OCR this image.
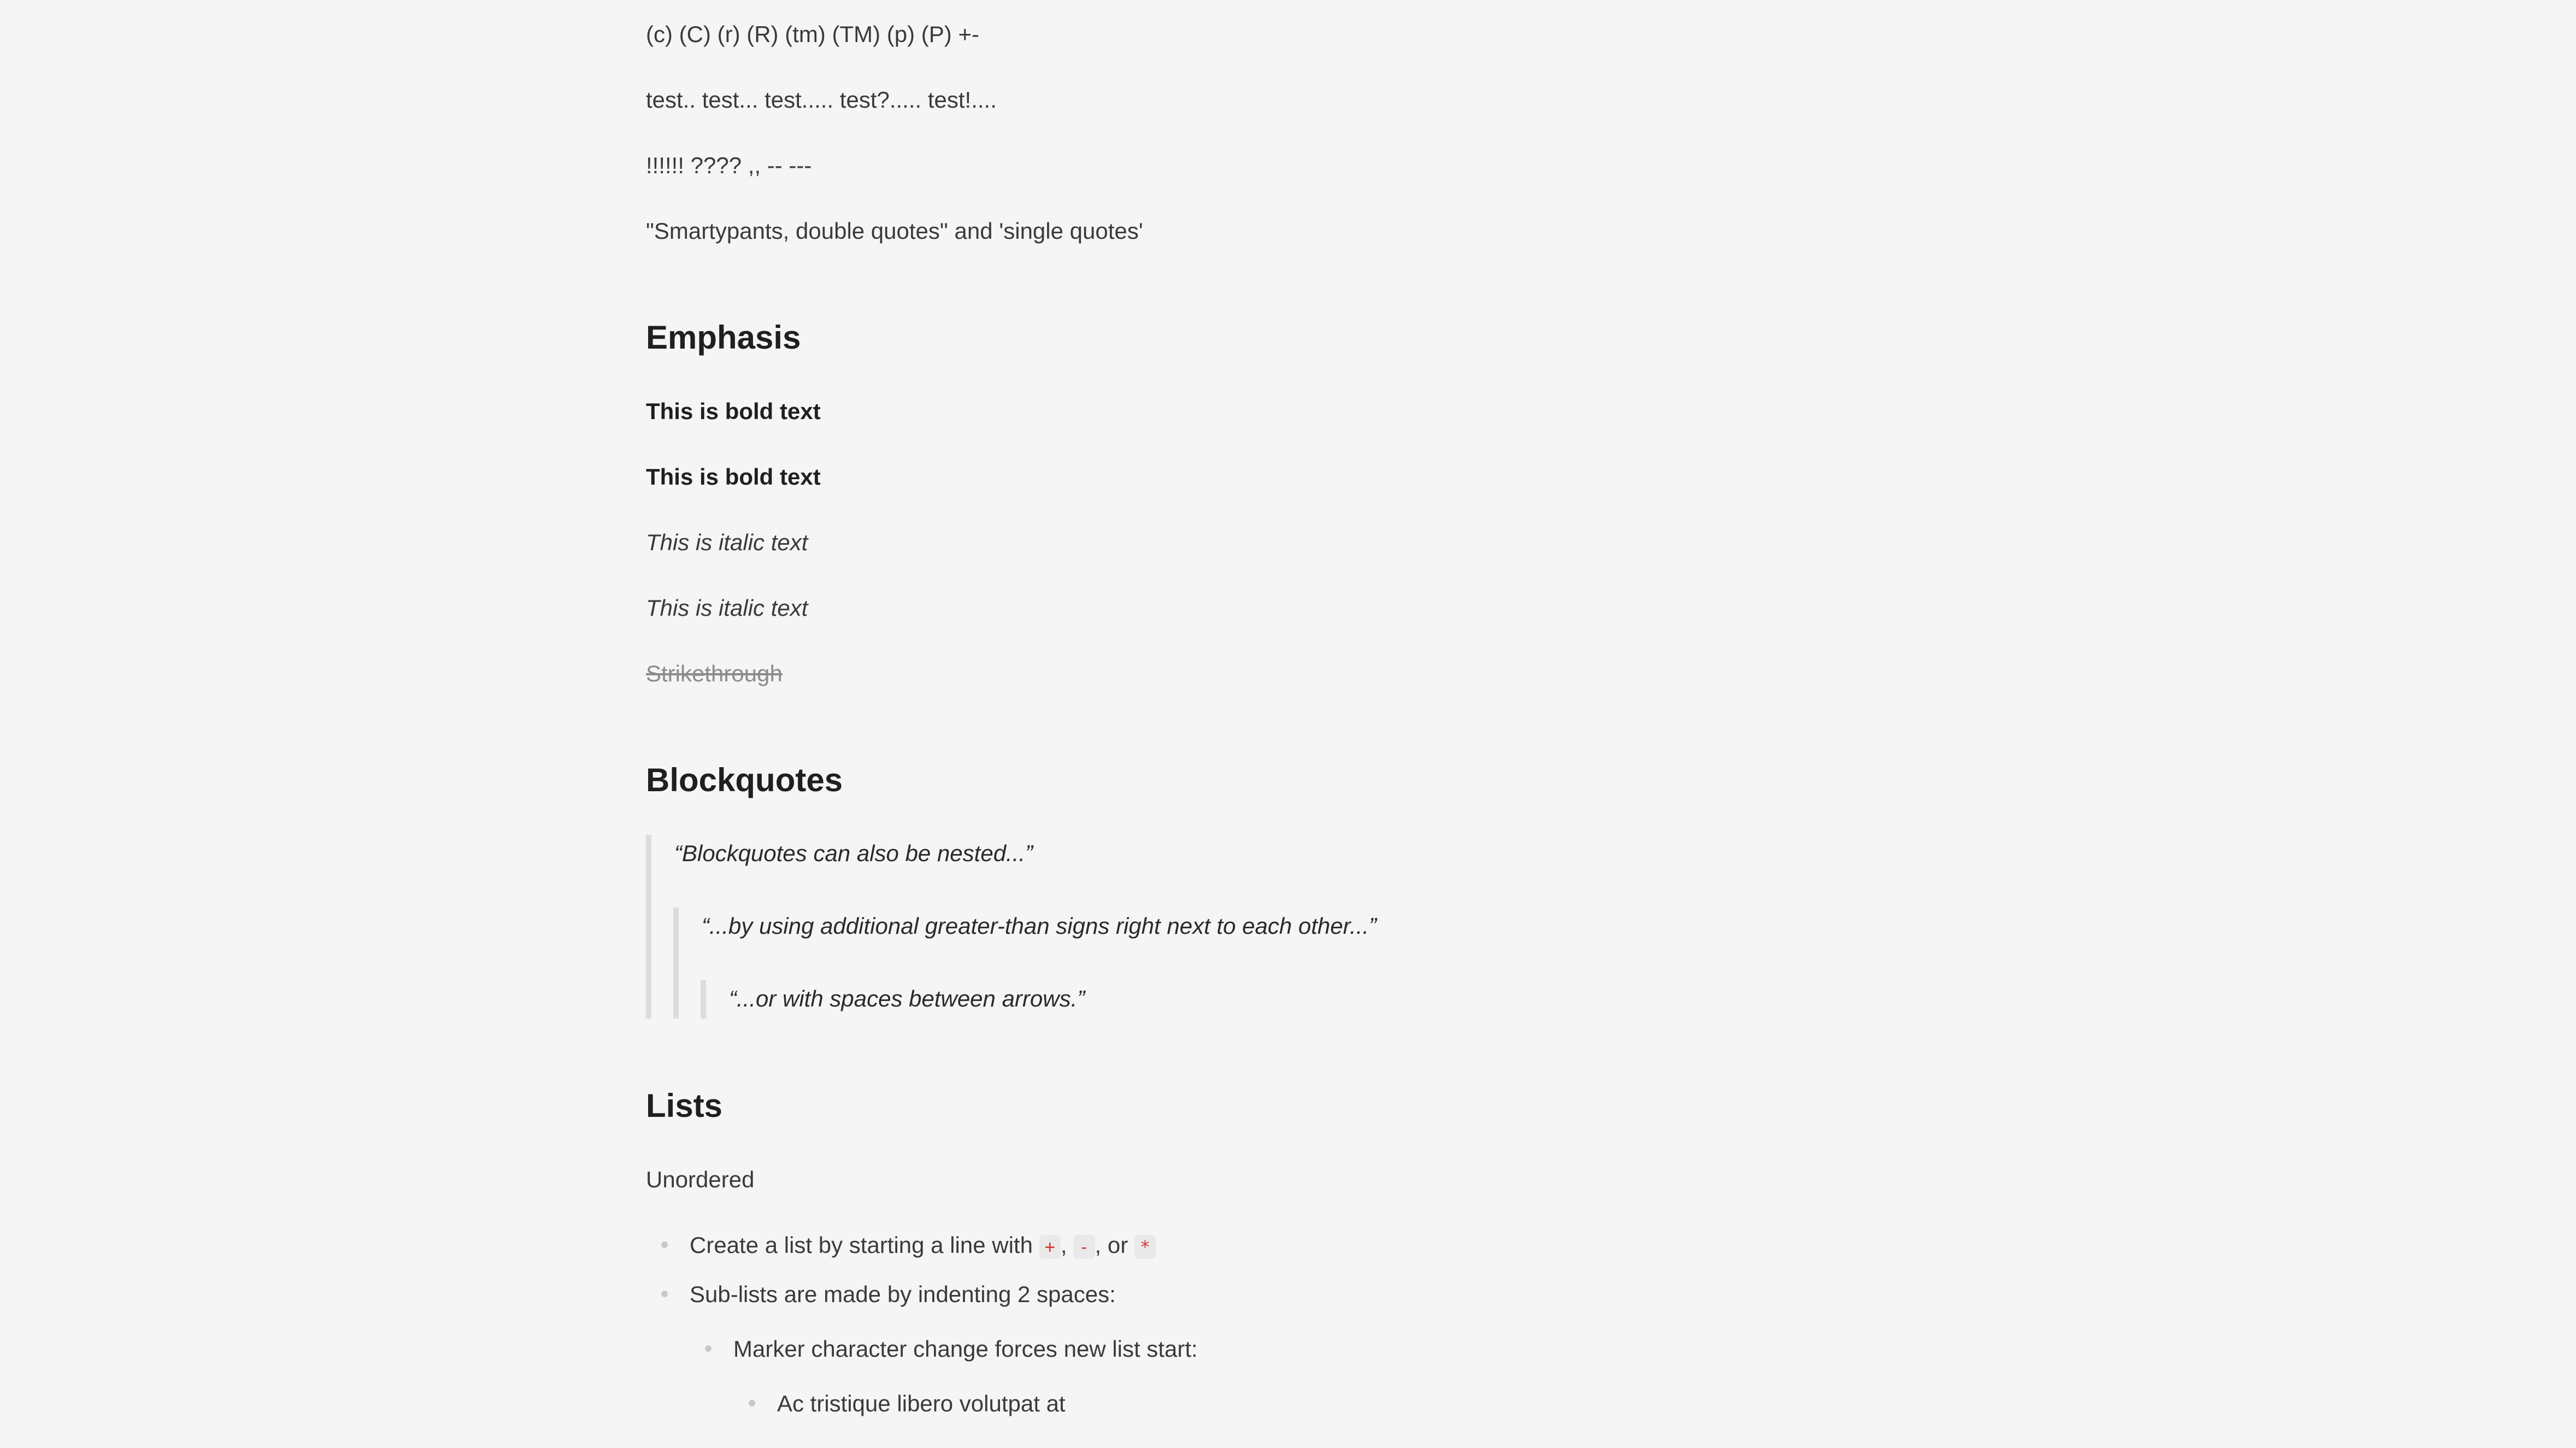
(c) (C) (r) (R) (tm) (TM) (p) (P) +-
test.. test... test..... test?..... test!....
!!!!!! ???? ,, -- ---
"Smartypants, double quotes" and 'single quotes'
Emphasis
This is bold text
This is bold text
This is italic text
This is italic text
Strikethrough
Blockquotes
“Blockquotes can also be nested...”
“...by using additional greater-than signs right next to each other...”
“...or with spaces between arrows.”
Lists
Unordered
Create a list by starting a line with + , - , or *
Sub-lists are made by indenting 2 spaces:
Marker character change forces new list start:
Ac tristique libero volutpat at
